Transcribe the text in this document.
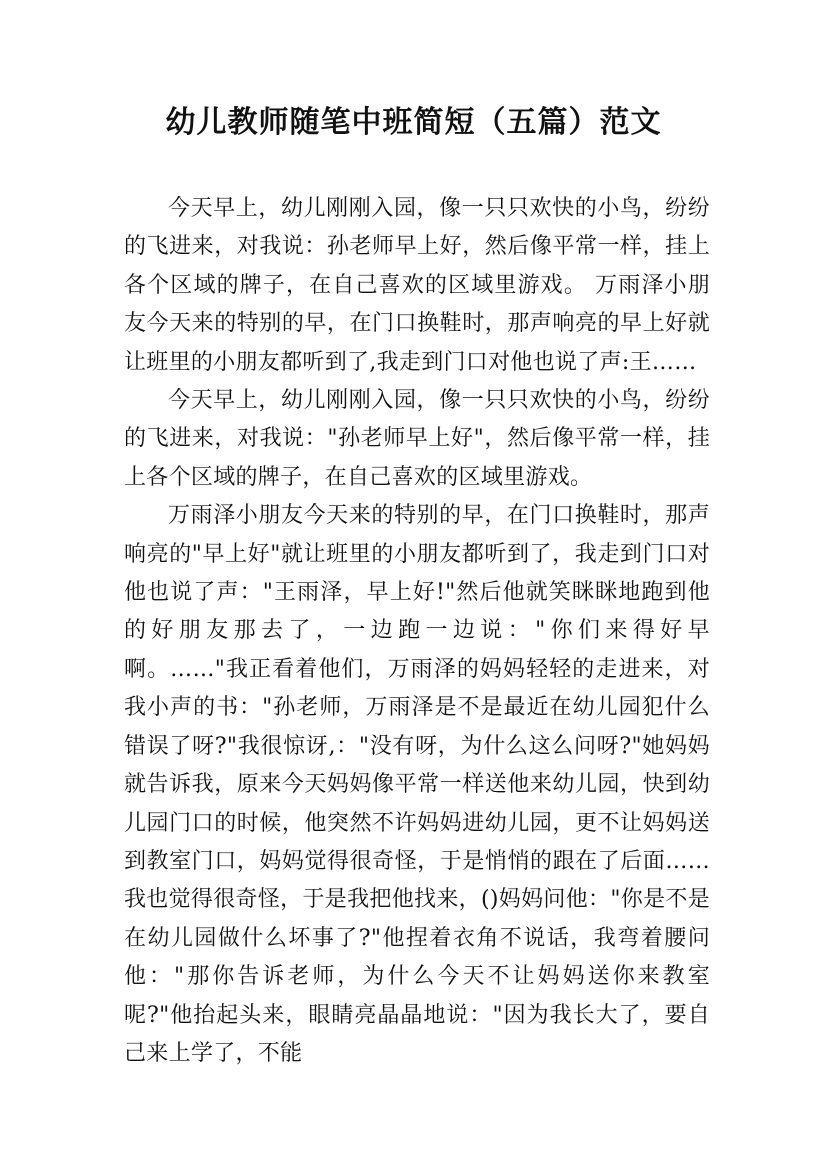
幼儿教师随笔中班简短（五篇）范文

今天早上，幼儿刚刚入园，像一只只欢快的小鸟，纷纷的飞进来，对我说：孙老师早上好，然后像平常一样，挂上各个区域的牌子，在自己喜欢的区域里游戏。 万雨泽小朋友今天来的特别的早，在门口换鞋时，那声响亮的早上好就让班里的小朋友都听到了,我走到门口对他也说了声:王……

今天早上，幼儿刚刚入园，像一只只欢快的小鸟，纷纷的飞进来，对我说："孙老师早上好"，然后像平常一样，挂上各个区域的牌子，在自己喜欢的区域里游戏。

万雨泽小朋友今天来的特别的早，在门口换鞋时，那声响亮的"早上好"就让班里的小朋友都听到了，我走到门口对他也说了声："王雨泽，早上好!"然后他就笑眯眯地跑到他的好朋友那去了，一边跑一边说："你们来得好早啊。……"我正看着他们，万雨泽的妈妈轻轻的走进来，对我小声的书："孙老师，万雨泽是不是最近在幼儿园犯什么错误了呀?"我很惊讶,："没有呀，为什么这么问呀?"她妈妈就告诉我，原来今天妈妈像平常一样送他来幼儿园，快到幼儿园门口的时候，他突然不许妈妈进幼儿园，更不让妈妈送到教室门口，妈妈觉得很奇怪，于是悄悄的跟在了后面……我也觉得很奇怪，于是我把他找来，()妈妈问他："你是不是在幼儿园做什么坏事了?"他捏着衣角不说话，我弯着腰问他："那你告诉老师，为什么今天不让妈妈送你来教室呢?"他抬起头来，眼睛亮晶晶地说："因为我长大了，要自己来上学了，不能
